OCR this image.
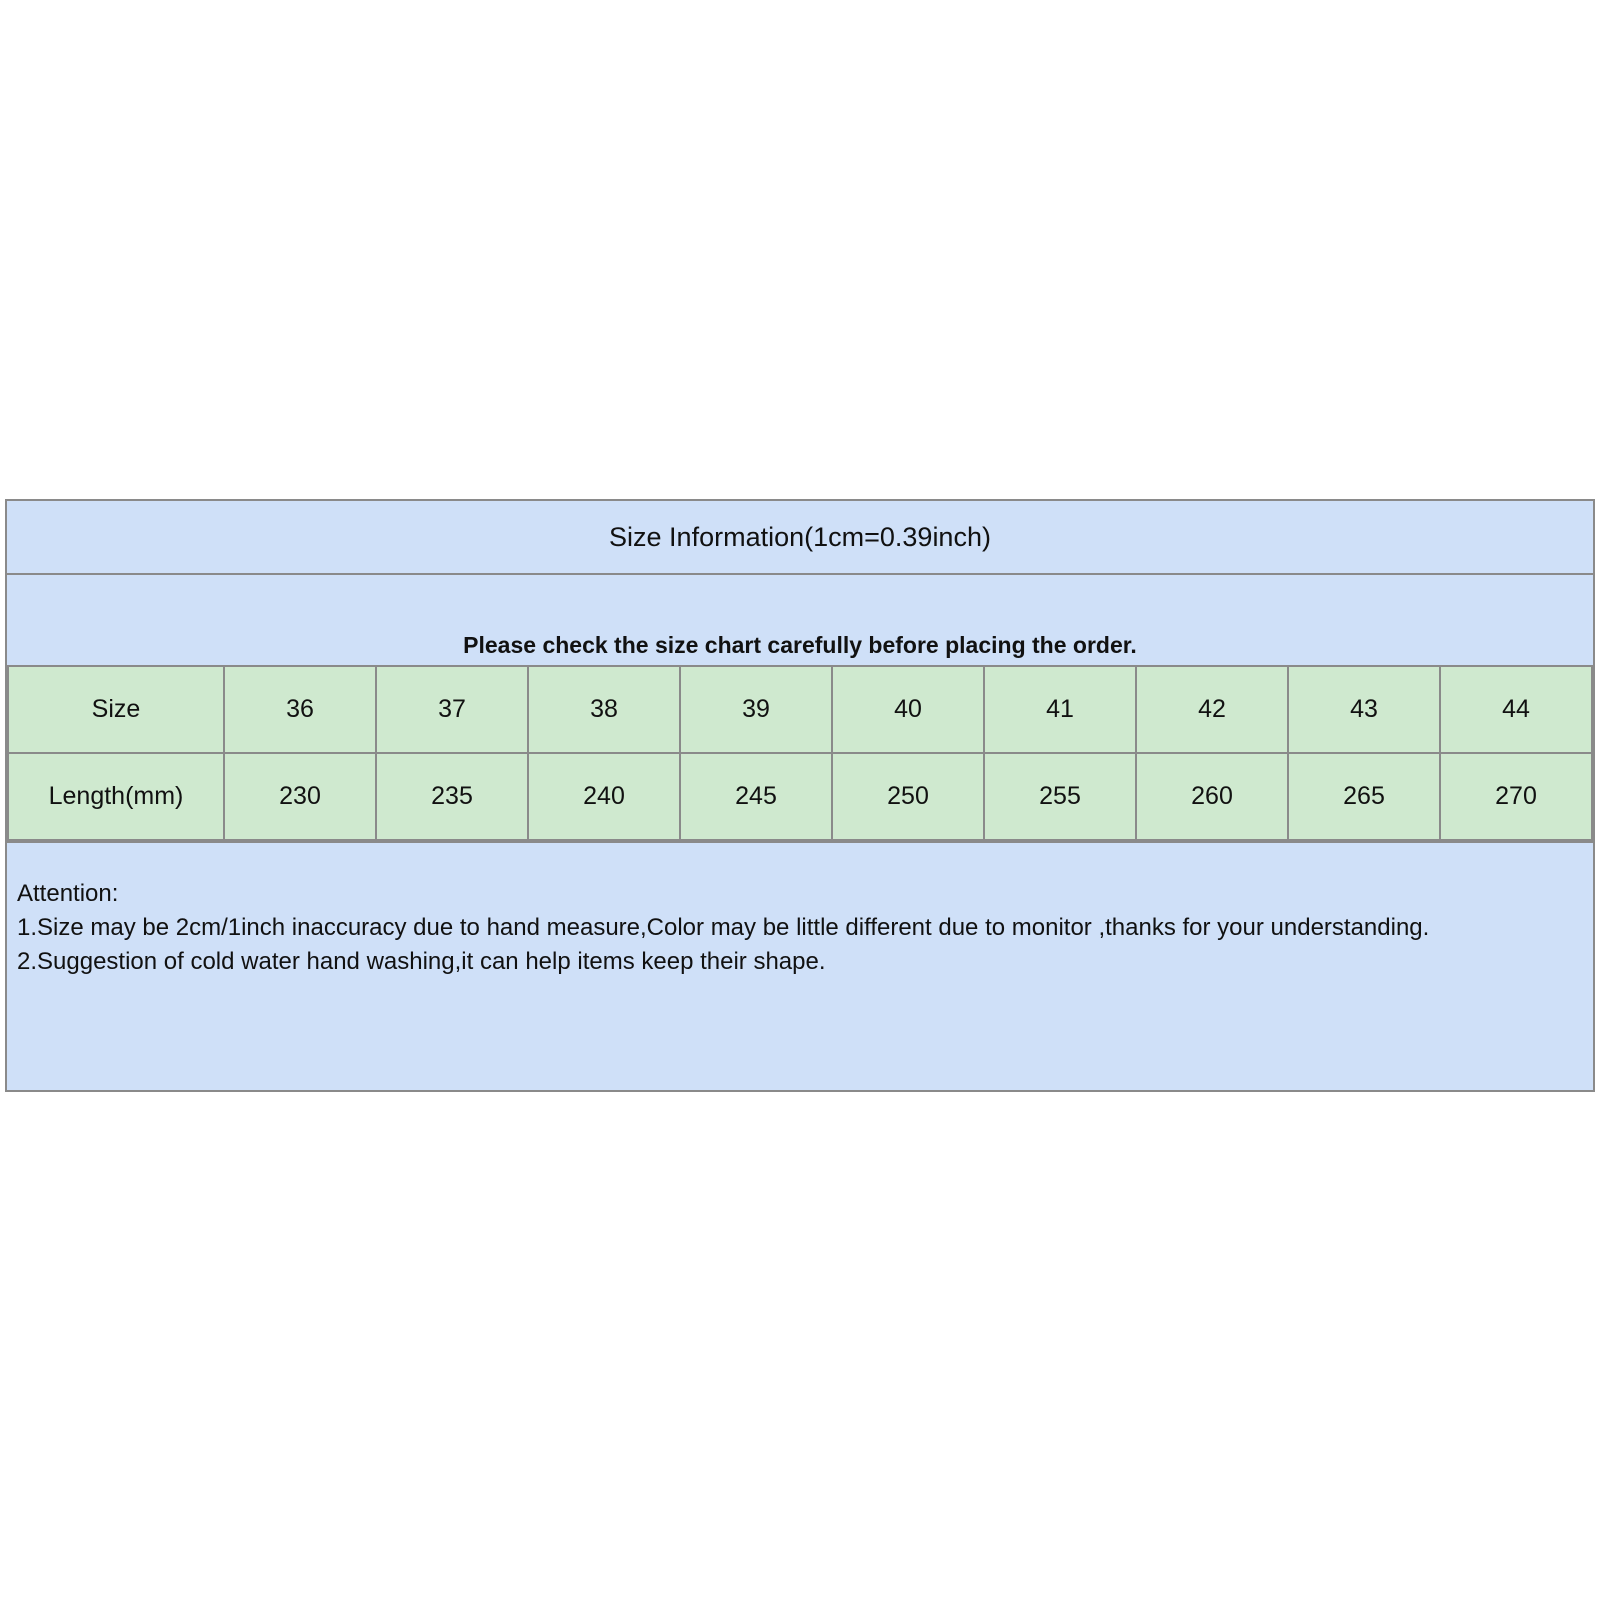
Size Information(1cm=0.39inch)
Please check the size chart carefully before placing the order.
Size	36	37	38	39	40	41	42	43	44
Length(mm)	230	235	240	245	250	255	260	265	270
Attention:
1.Size may be 2cm/1inch inaccuracy due to hand measure,Color may be little different due to monitor ,thanks for your understanding.
2.Suggestion of cold water hand washing,it can help items keep their shape.
